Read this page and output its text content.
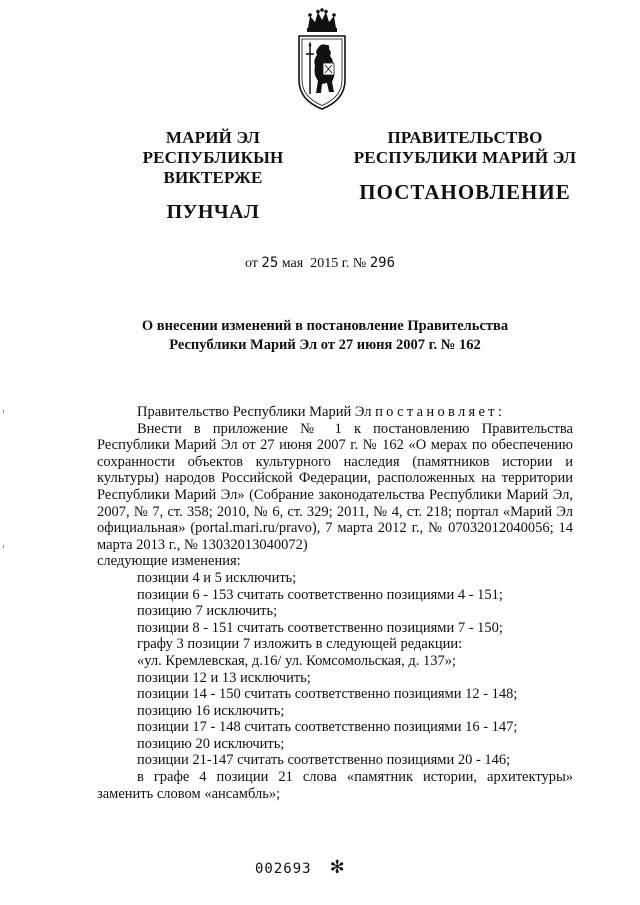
МАРИЙ ЭЛ РЕСПУБЛИКЫН
ВИКТЕРЖЕ
ПУНЧАЛ
ПРАВИТЕЛЬСТВО
РЕСПУБЛИКИ МАРИЙ ЭЛ
ПОСТАНОВЛЕНИЕ
от 25 мая  2015 г. № 296
О внесении изменений в постановление Правительства
Республики Марий Эл от 27 июня 2007 г. № 162

Правительство Республики Марий Эл постановляет:

Внести в приложение № 1 к постановлению Правительства Республики Марий Эл от 27 июня 2007 г. № 162 «О мерах по обеспечению сохранности объектов культурного наследия (памятников истории и культуры) народов Российской Федерации, расположенных на территории Республики Марий Эл» (Собрание законодательства Республики Марий Эл, 2007, № 7, ст. 358; 2010, № 6, ст. 329; 2011, № 4, ст. 218; портал «Марий Эл официальная» (portal.mari.ru/pravo), 7 марта 2012 г., № 07032012040056; 14 марта 2013 г., № 13032013040072)

следующие изменения:

позиции 4 и 5 исключить;

позиции 6 - 153 считать соответственно позициями 4 - 151;

позицию 7 исключить;

позиции 8 - 151 считать соответственно позициями 7 - 150;

графу 3 позиции 7 изложить в следующей редакции:

«ул. Кремлевская, д.16/ ул. Комсомольская, д. 137»;

позиции 12 и 13 исключить;

позиции 14 - 150 считать соответственно позициями 12 - 148;

позицию 16 исключить;

позиции 17 - 148 считать соответственно позициями 16 - 147;

позицию 20 исключить;

позиции 21-147 считать соответственно позициями 20 - 146;

в графе 4 позиции 21 слова «памятник истории, архитектуры» заменить словом «ансамбль»;

002693 ✻
